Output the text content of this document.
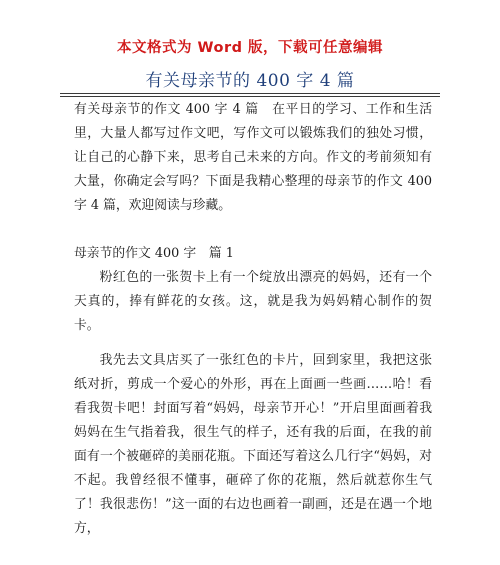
本文格式为 Word 版，下载可任意编辑
有关母亲节的 400 字 4 篇

有关母亲节的作文 400 字 4 篇　在平日的学习、工作和生活里，大量人都写过作文吧，写作文可以锻炼我们的独处习惯，让自己的心静下来，思考自己未来的方向。作文的考前须知有大量，你确定会写吗？下面是我精心整理的母亲节的作文 400 字 4 篇，欢迎阅读与珍藏。

母亲节的作文 400 字　篇 1

粉红色的一张贺卡上有一个绽放出漂亮的妈妈，还有一个天真的，捧有鲜花的女孩。这，就是我为妈妈精心制作的贺卡。

我先去文具店买了一张红色的卡片，回到家里，我把这张纸对折，剪成一个爱心的外形，再在上面画一些画……哈！看看我贺卡吧！封面写着“妈妈，母亲节开心！”开启里面画着我妈妈在生气指着我，很生气的样子，还有我的后面，在我的前面有一个被砸碎的美丽花瓶。下面还写着这么几行字“妈妈，对不起。我曾经很不懂事，砸碎了你的花瓶，然后就惹你生气了！我很悲伤！”这一面的右边也画着一副画，还是在遇一个地方，
